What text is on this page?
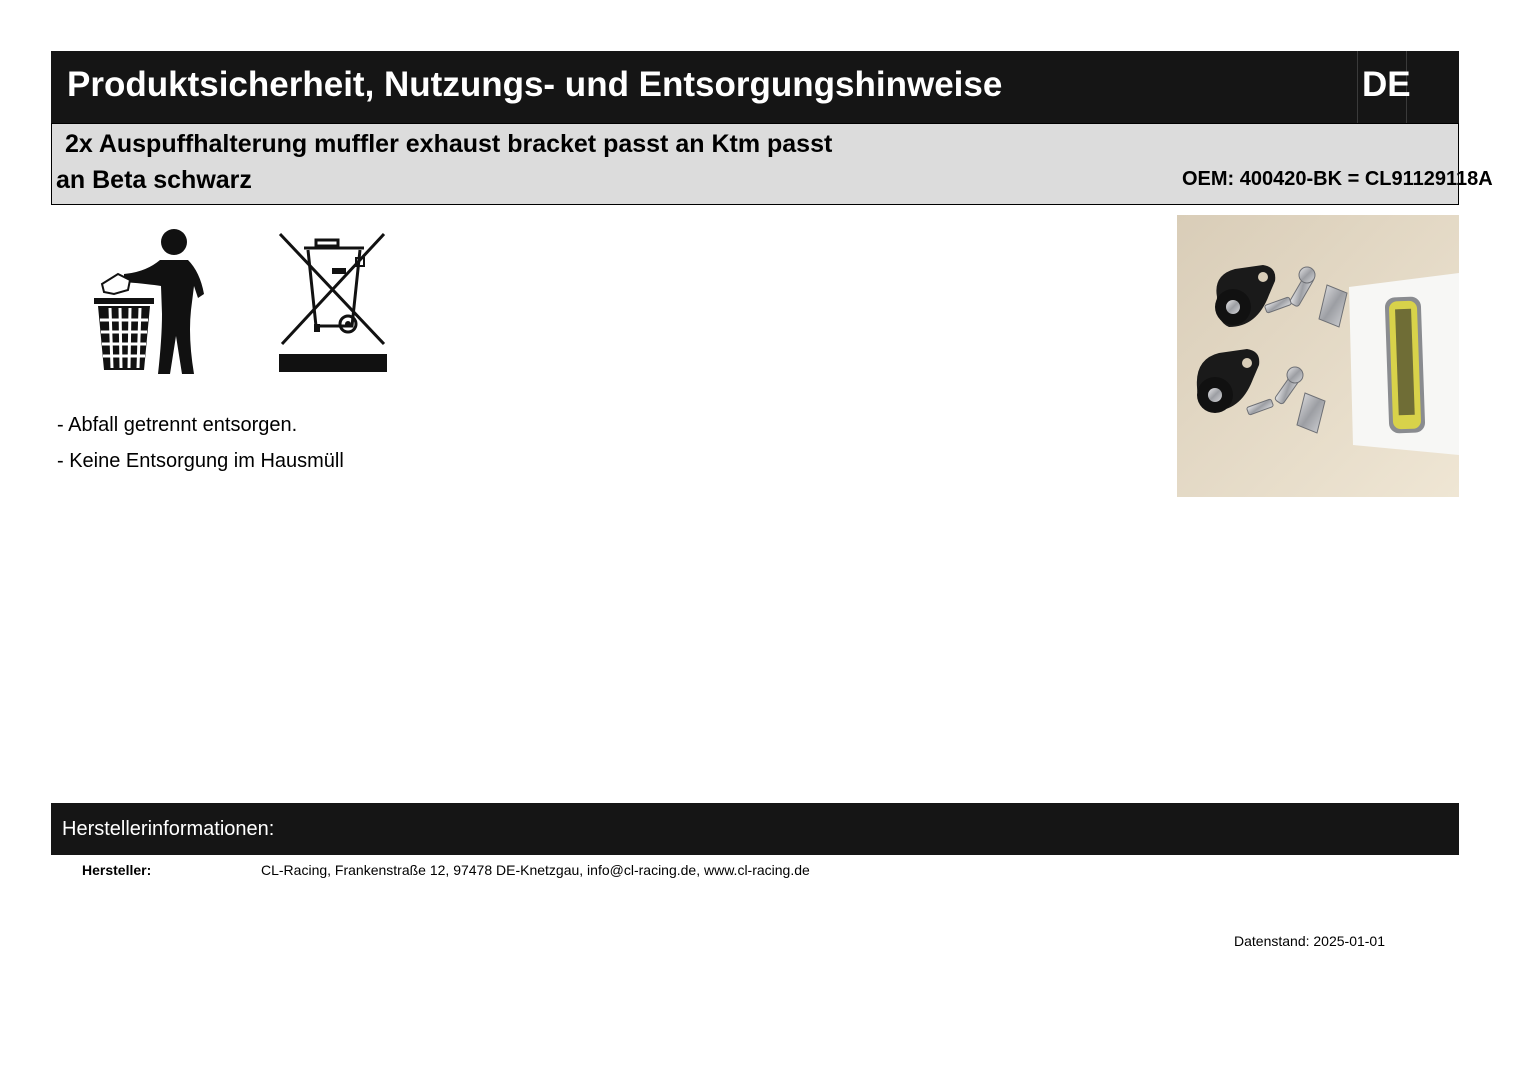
Produktsicherheit, Nutzungs- und Entsorgungshinweise	DE
2x Auspuffhalterung muffler exhaust bracket passt an Ktm passt
an Beta schwarz	OEM: 400420-BK = CL91129118A
- Abfall getrennt entsorgen.
- Keine Entsorgung im Hausmüll
Herstellerinformationen:
Hersteller:	CL-Racing, Frankenstraße 12, 97478 DE-Knetzgau, info@cl-racing.de, www.cl-racing.de
Datenstand: 2025-01-01
